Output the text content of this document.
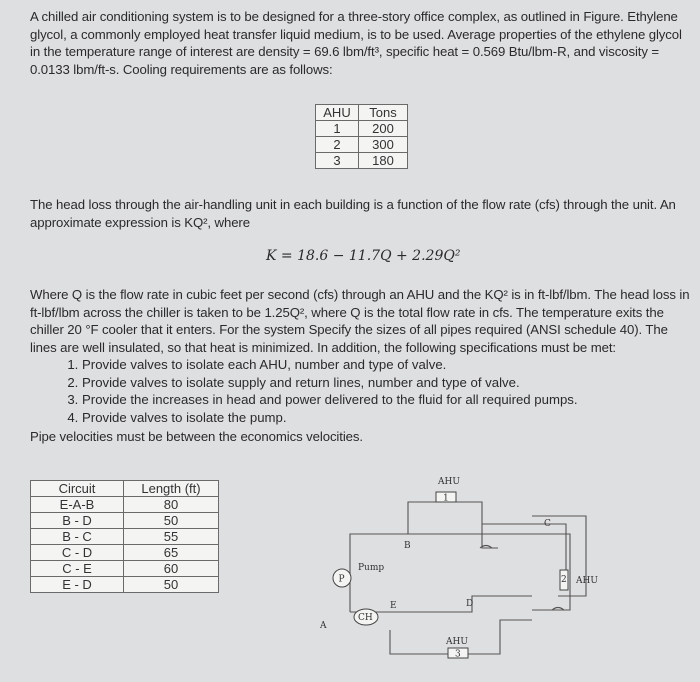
A chilled air conditioning system is to be designed for a three-story office complex, as outlined in Figure. Ethylene glycol, a commonly employed heat transfer liquid medium, is to be used. Average properties of the ethylene glycol in the temperature range of interest are density = 69.6 lbm/ft³, specific heat = 0.569 Btu/lbm-R, and viscosity = 0.0133 lbm/ft-s. Cooling requirements are as follows:

AHU	Tons
1	200
2	300
3	180

The head loss through the air-handling unit in each building is a function of the flow rate (cfs) through the unit. An approximate expression is KQ², where

K = 18.6 − 11.7Q + 2.29Q²

Where Q is the flow rate in cubic feet per second (cfs) through an AHU and the KQ² is in ft-lbf/lbm. The head loss in ft-lbf/lbm across the chiller is taken to be 1.25Q², where Q is the total flow rate in cfs. The temperature exits the chiller 20 °F cooler that it enters. For the system Specify the sizes of all pipes required (ANSI schedule 40). The lines are well insulated, so that heat is minimized. In addition, the following specifications must be met:

1. Provide valves to isolate each AHU, number and type of valve.
2. Provide valves to isolate supply and return lines, number and type of valve.
3. Provide the increases in head and power delivered to the fluid for all required pumps.
4. Provide valves to isolate the pump.

Pipe velocities must be between the economics velocities.

Circuit	Length (ft)
E-A-B	80
B - D	50
B - C	55
C - D	65
C - E	60
E - D	50
1
AHU
2 AHU
3
AHU
P
Pump
CH
A
B
C
D
E
